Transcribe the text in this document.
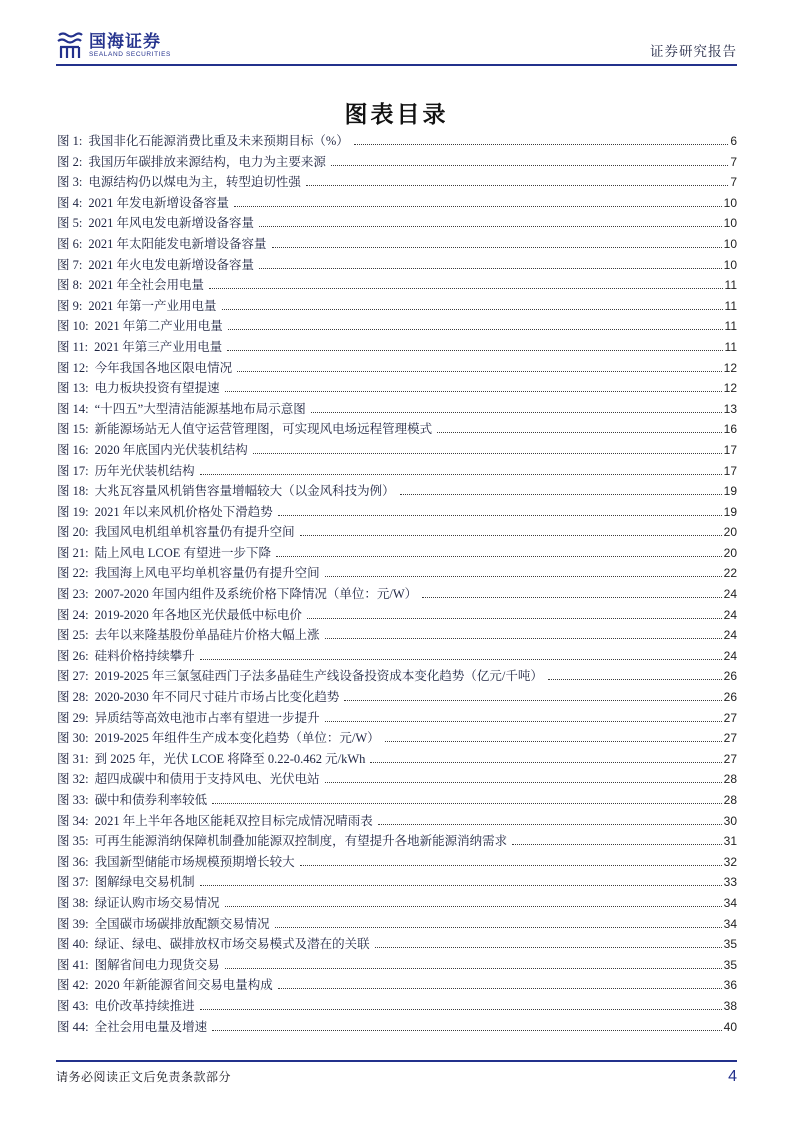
国海证券
SEALAND SECURITIES	证券研究报告
图表目录
图 1: 我国非化石能源消费比重及未来预期目标（%）	6
图 2: 我国历年碳排放来源结构，电力为主要来源	7
图 3: 电源结构仍以煤电为主，转型迫切性强	7
图 4: 2021 年发电新增设备容量	10
图 5: 2021 年风电发电新增设备容量	10
图 6: 2021 年太阳能发电新增设备容量	10
图 7: 2021 年火电发电新增设备容量	10
图 8: 2021 年全社会用电量	11
图 9: 2021 年第一产业用电量	11
图 10: 2021 年第二产业用电量	11
图 11: 2021 年第三产业用电量	11
图 12: 今年我国各地区限电情况	12
图 13: 电力板块投资有望提速	12
图 14: “十四五”大型清洁能源基地布局示意图	13
图 15: 新能源场站无人值守运营管理图，可实现风电场远程管理模式	16
图 16: 2020 年底国内光伏装机结构	17
图 17: 历年光伏装机结构	17
图 18: 大兆瓦容量风机销售容量增幅较大（以金风科技为例）	19
图 19: 2021 年以来风机价格处下滑趋势	19
图 20: 我国风电机组单机容量仍有提升空间	20
图 21: 陆上风电 LCOE 有望进一步下降	20
图 22: 我国海上风电平均单机容量仍有提升空间	22
图 23: 2007-2020 年国内组件及系统价格下降情况（单位：元/W）	24
图 24: 2019-2020 年各地区光伏最低中标电价	24
图 25: 去年以来隆基股份单晶硅片价格大幅上涨	24
图 26: 硅料价格持续攀升	24
图 27: 2019-2025 年三氯氢硅西门子法多晶硅生产线设备投资成本变化趋势（亿元/千吨）	26
图 28: 2020-2030 年不同尺寸硅片市场占比变化趋势	26
图 29: 异质结等高效电池市占率有望进一步提升	27
图 30: 2019-2025 年组件生产成本变化趋势（单位：元/W）	27
图 31: 到 2025 年，光伏 LCOE 将降至 0.22-0.462 元/kWh	27
图 32: 超四成碳中和债用于支持风电、光伏电站	28
图 33: 碳中和债券利率较低	28
图 34: 2021 年上半年各地区能耗双控目标完成情况晴雨表	30
图 35: 可再生能源消纳保障机制叠加能源双控制度，有望提升各地新能源消纳需求	31
图 36: 我国新型储能市场规模预期增长较大	32
图 37: 图解绿电交易机制	33
图 38: 绿证认购市场交易情况	34
图 39: 全国碳市场碳排放配额交易情况	34
图 40: 绿证、绿电、碳排放权市场交易模式及潜在的关联	35
图 41: 图解省间电力现货交易	35
图 42: 2020 年新能源省间交易电量构成	36
图 43: 电价改革持续推进	38
图 44: 全社会用电量及增速	40
请务必阅读正文后免责条款部分	4
